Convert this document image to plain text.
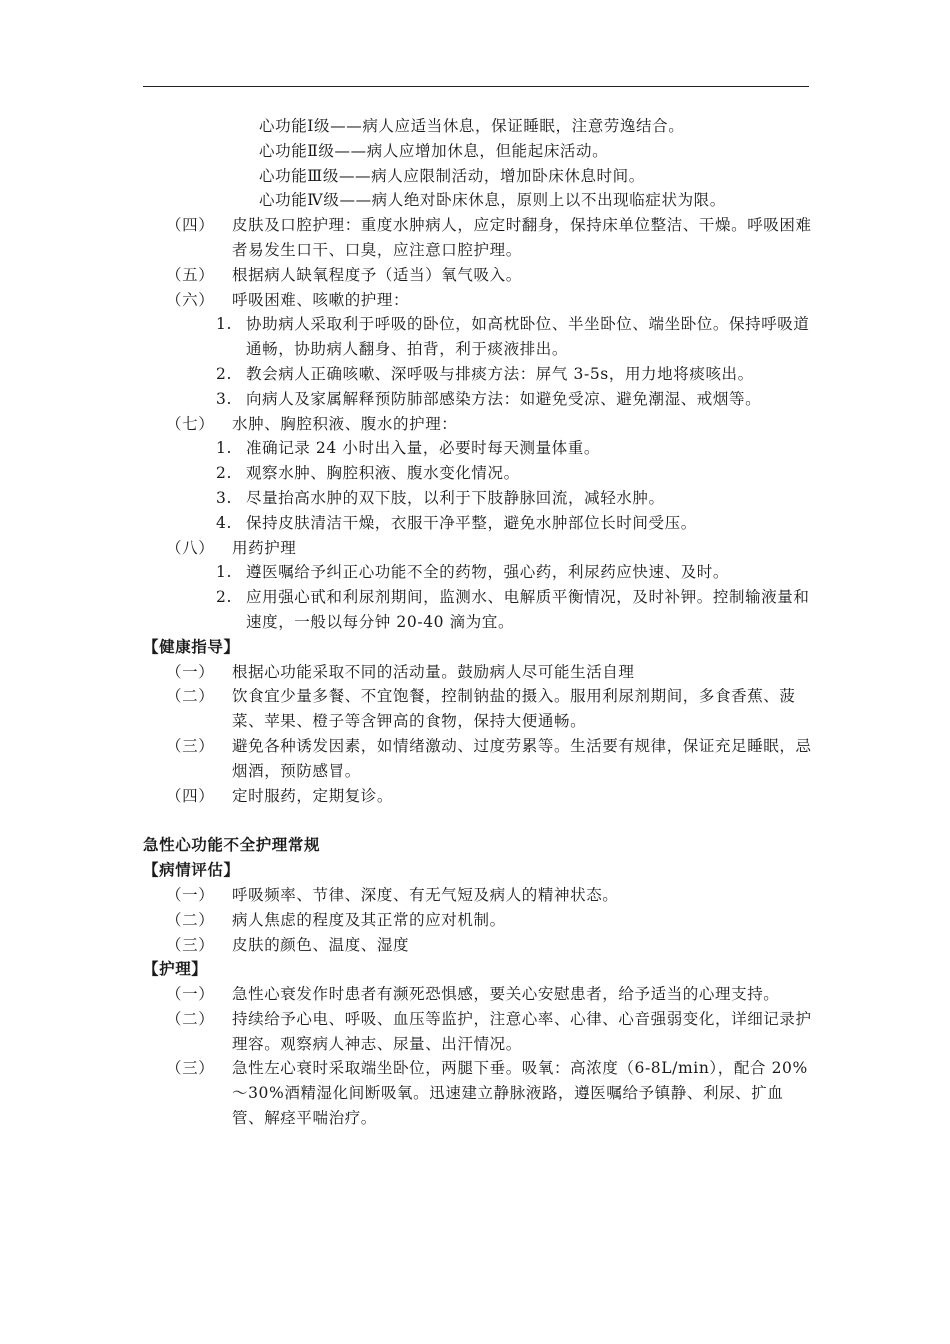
心功能Ⅰ级——病人应适当休息，保证睡眠，注意劳逸结合。
心功能Ⅱ级——病人应增加休息，但能起床活动。
心功能Ⅲ级——病人应限制活动，增加卧床休息时间。
心功能Ⅳ级——病人绝对卧床休息，原则上以不出现临症状为限。
（四） 皮肤及口腔护理：重度水肿病人，应定时翻身，保持床单位整洁、干燥。呼吸困难者易发生口干、口臭，应注意口腔护理。
（五） 根据病人缺氧程度予（适当）氧气吸入。
（六） 呼吸困难、咳嗽的护理：
1. 协助病人采取利于呼吸的卧位，如高枕卧位、半坐卧位、端坐卧位。保持呼吸道通畅，协助病人翻身、拍背，利于痰液排出。
2. 教会病人正确咳嗽、深呼吸与排痰方法：屏气 3-5s，用力地将痰咳出。
3. 向病人及家属解释预防肺部感染方法：如避免受凉、避免潮湿、戒烟等。
（七） 水肿、胸腔积液、腹水的护理：
1. 准确记录 24 小时出入量，必要时每天测量体重。
2. 观察水肿、胸腔积液、腹水变化情况。
3. 尽量抬高水肿的双下肢，以利于下肢静脉回流，减轻水肿。
4. 保持皮肤清洁干燥，衣服干净平整，避免水肿部位长时间受压。
（八） 用药护理
1. 遵医嘱给予纠正心功能不全的药物，强心药，利尿药应快速、及时。
2. 应用强心甙和利尿剂期间，监测水、电解质平衡情况，及时补钾。控制输液量和速度，一般以每分钟 20-40 滴为宜。
【健康指导】
（一） 根据心功能采取不同的活动量。鼓励病人尽可能生活自理
（二） 饮食宜少量多餐、不宜饱餐，控制钠盐的摄入。服用利尿剂期间，多食香蕉、菠菜、苹果、橙子等含钾高的食物，保持大便通畅。
（三） 避免各种诱发因素，如情绪激动、过度劳累等。生活要有规律，保证充足睡眠，忌烟酒，预防感冒。
（四） 定时服药，定期复诊。
急性心功能不全护理常规
【病情评估】
（一） 呼吸频率、节律、深度、有无气短及病人的精神状态。
（二） 病人焦虑的程度及其正常的应对机制。
（三） 皮肤的颜色、温度、湿度
【护理】
（一） 急性心衰发作时患者有濒死恐惧感，要关心安慰患者，给予适当的心理支持。
（二） 持续给予心电、呼吸、血压等监护，注意心率、心律、心音强弱变化，详细记录护理容。观察病人神志、尿量、出汗情况。
（三） 急性左心衰时采取端坐卧位，两腿下垂。吸氧：高浓度（6-8L/min），配合 20%～30%酒精湿化间断吸氧。迅速建立静脉液路，遵医嘱给予镇静、利尿、扩血管、解痉平喘治疗。
